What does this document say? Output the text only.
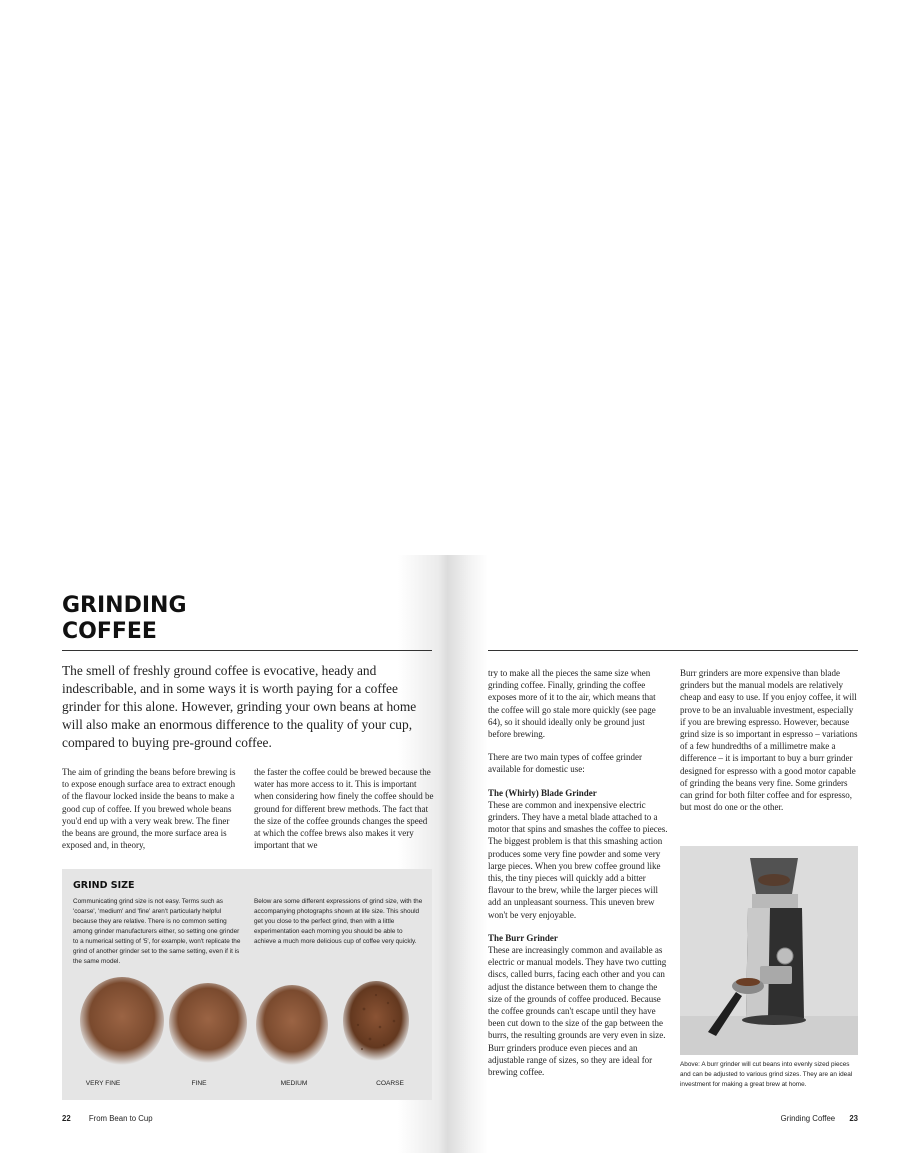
GRINDING
COFFEE

The smell of freshly ground coffee is evocative, heady and indescribable, and in some ways it is worth paying for a coffee grinder for this alone. However, grinding your own beans at home will also make an enormous difference to the quality of your cup, compared to buying pre-ground coffee.

The aim of grinding the beans before brewing is to expose enough surface area to extract enough of the flavour locked inside the beans to make a good cup of coffee. If you brewed whole beans you'd end up with a very weak brew. The finer the beans are ground, the more surface area is exposed and, in theory,

the faster the coffee could be brewed because the water has more access to it. This is important when considering how finely the coffee should be ground for different brew methods. The fact that the size of the coffee grounds changes the speed at which the coffee brews also makes it very important that we

GRIND SIZE

Communicating grind size is not easy. Terms such as 'coarse', 'medium' and 'fine' aren't particularly helpful because they are relative. There is no common setting among grinder manufacturers either, so setting one grinder to a numerical setting of '5', for example, won't replicate the grind of another grinder set to the same setting, even if it is the same model.

Below are some different expressions of grind size, with the accompanying photographs shown at life size. This should get you close to the perfect grind, then with a little experimentation each morning you should be able to achieve a much more delicious cup of coffee very quickly.

VERY FINE	FINE	MEDIUM	COARSE
22 From Bean to Cup

try to make all the pieces the same size when grinding coffee. Finally, grinding the coffee exposes more of it to the air, which means that the coffee will go stale more quickly (see page 64), so it should ideally only be ground just before brewing.

There are two main types of coffee grinder available for domestic use:

The (Whirly) Blade Grinder

These are common and inexpensive electric grinders. They have a metal blade attached to a motor that spins and smashes the coffee to pieces. The biggest problem is that this smashing action produces some very fine powder and some very large pieces. When you brew coffee ground like this, the tiny pieces will quickly add a bitter flavour to the brew, while the larger pieces will add an unpleasant sourness. This uneven brew won't be very enjoyable.

The Burr Grinder

These are increasingly common and available as electric or manual models. They have two cutting discs, called burrs, facing each other and you can adjust the distance between them to change the size of the grounds of coffee produced. Because the coffee grounds can't escape until they have been cut down to the size of the gap between the burrs, the resulting grounds are very even in size. Burr grinders produce even pieces and an adjustable range of sizes, so they are ideal for brewing coffee.

Burr grinders are more expensive than blade grinders but the manual models are relatively cheap and easy to use. If you enjoy coffee, it will prove to be an invaluable investment, especially if you are brewing espresso. However, because grind size is so important in espresso – variations of a few hundredths of a millimetre make a difference – it is important to buy a burr grinder designed for espresso with a good motor capable of grinding the beans very fine. Some grinders can grind for both filter coffee and for espresso, but most do one or the other.

Above: A burr grinder will cut beans into evenly sized pieces and can be adjusted to various grind sizes. They are an ideal investment for making a great brew at home.

Grinding Coffee 23
